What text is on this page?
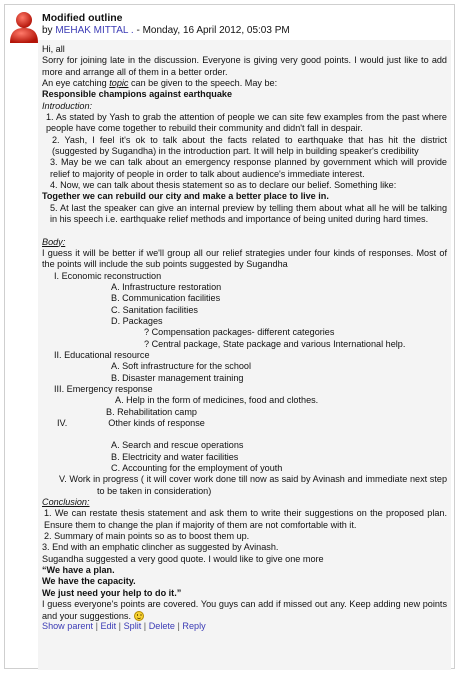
Modified outline
by MEHAK MITTAL . - Monday, 16 April 2012, 05:03 PM

Hi, all

Sorry for joining late in the discussion. Everyone is giving very good points. I would just like to add more and arrange all of them in a better order.

An eye catching topic can be given to the speech. May be:

Responsible champions against earthquake

Introduction:

1. As stated by Yash to grab the attention of people we can site few examples from the past where people have come together to rebuild their community and didn't fall in despair.

2. Yash, I feel it's ok to talk about the facts related to earthquake that has hit the district (suggested by Sugandha) in the introduction part. It will help in building speaker's credibility

3. May be we can talk about an emergency response planned by government which will provide relief to majority of people in order to talk about audience's immediate interest.

4. Now, we can talk about thesis statement so as to declare our belief. Something like:

Together we can rebuild our city and make a better place to live in.

5. At last the speaker can give an internal preview by telling them about what all he will be talking in his speech i.e. earthquake relief methods and importance of being united during hard times.

Body:

I guess it will be better if we'll group all our relief strategies under four kinds of responses. Most of the points will include the sub points suggested by Sugandha

I. Economic reconstruction

A. Infrastructure restoration

B. Communication facilities

C. Sanitation facilities

D. Packages

? Compensation packages- different categories

? Central package, State package and various International help.

II. Educational resource

A. Soft infrastructure for the school

B. Disaster management training

III. Emergency response

A. Help in the form of medicines, food and clothes.

B. Rehabilitation camp

IV.	Other kinds of response

A. Search and rescue operations

B. Electricity and water facilities

C. Accounting for the employment of youth

V. Work in progress ( it will cover work done till now as said by Avinash and immediate next step to be taken in consideration)

Conclusion:

1. We can restate thesis statement and ask them to write their suggestions on the proposed plan. Ensure them to change the plan if majority of them are not comfortable with it.

2. Summary of main points so as to boost them up.

3. End with an emphatic clincher as suggested by Avinash.

Sugandha suggested a very good quote. I would like to give one more

“We have a plan.

We have the capacity.

We just need your help to do it.”

I guess everyone's points are covered. You guys can add if missed out any. Keep adding new points and your suggestions.

Show parent | Edit | Split | Delete | Reply
